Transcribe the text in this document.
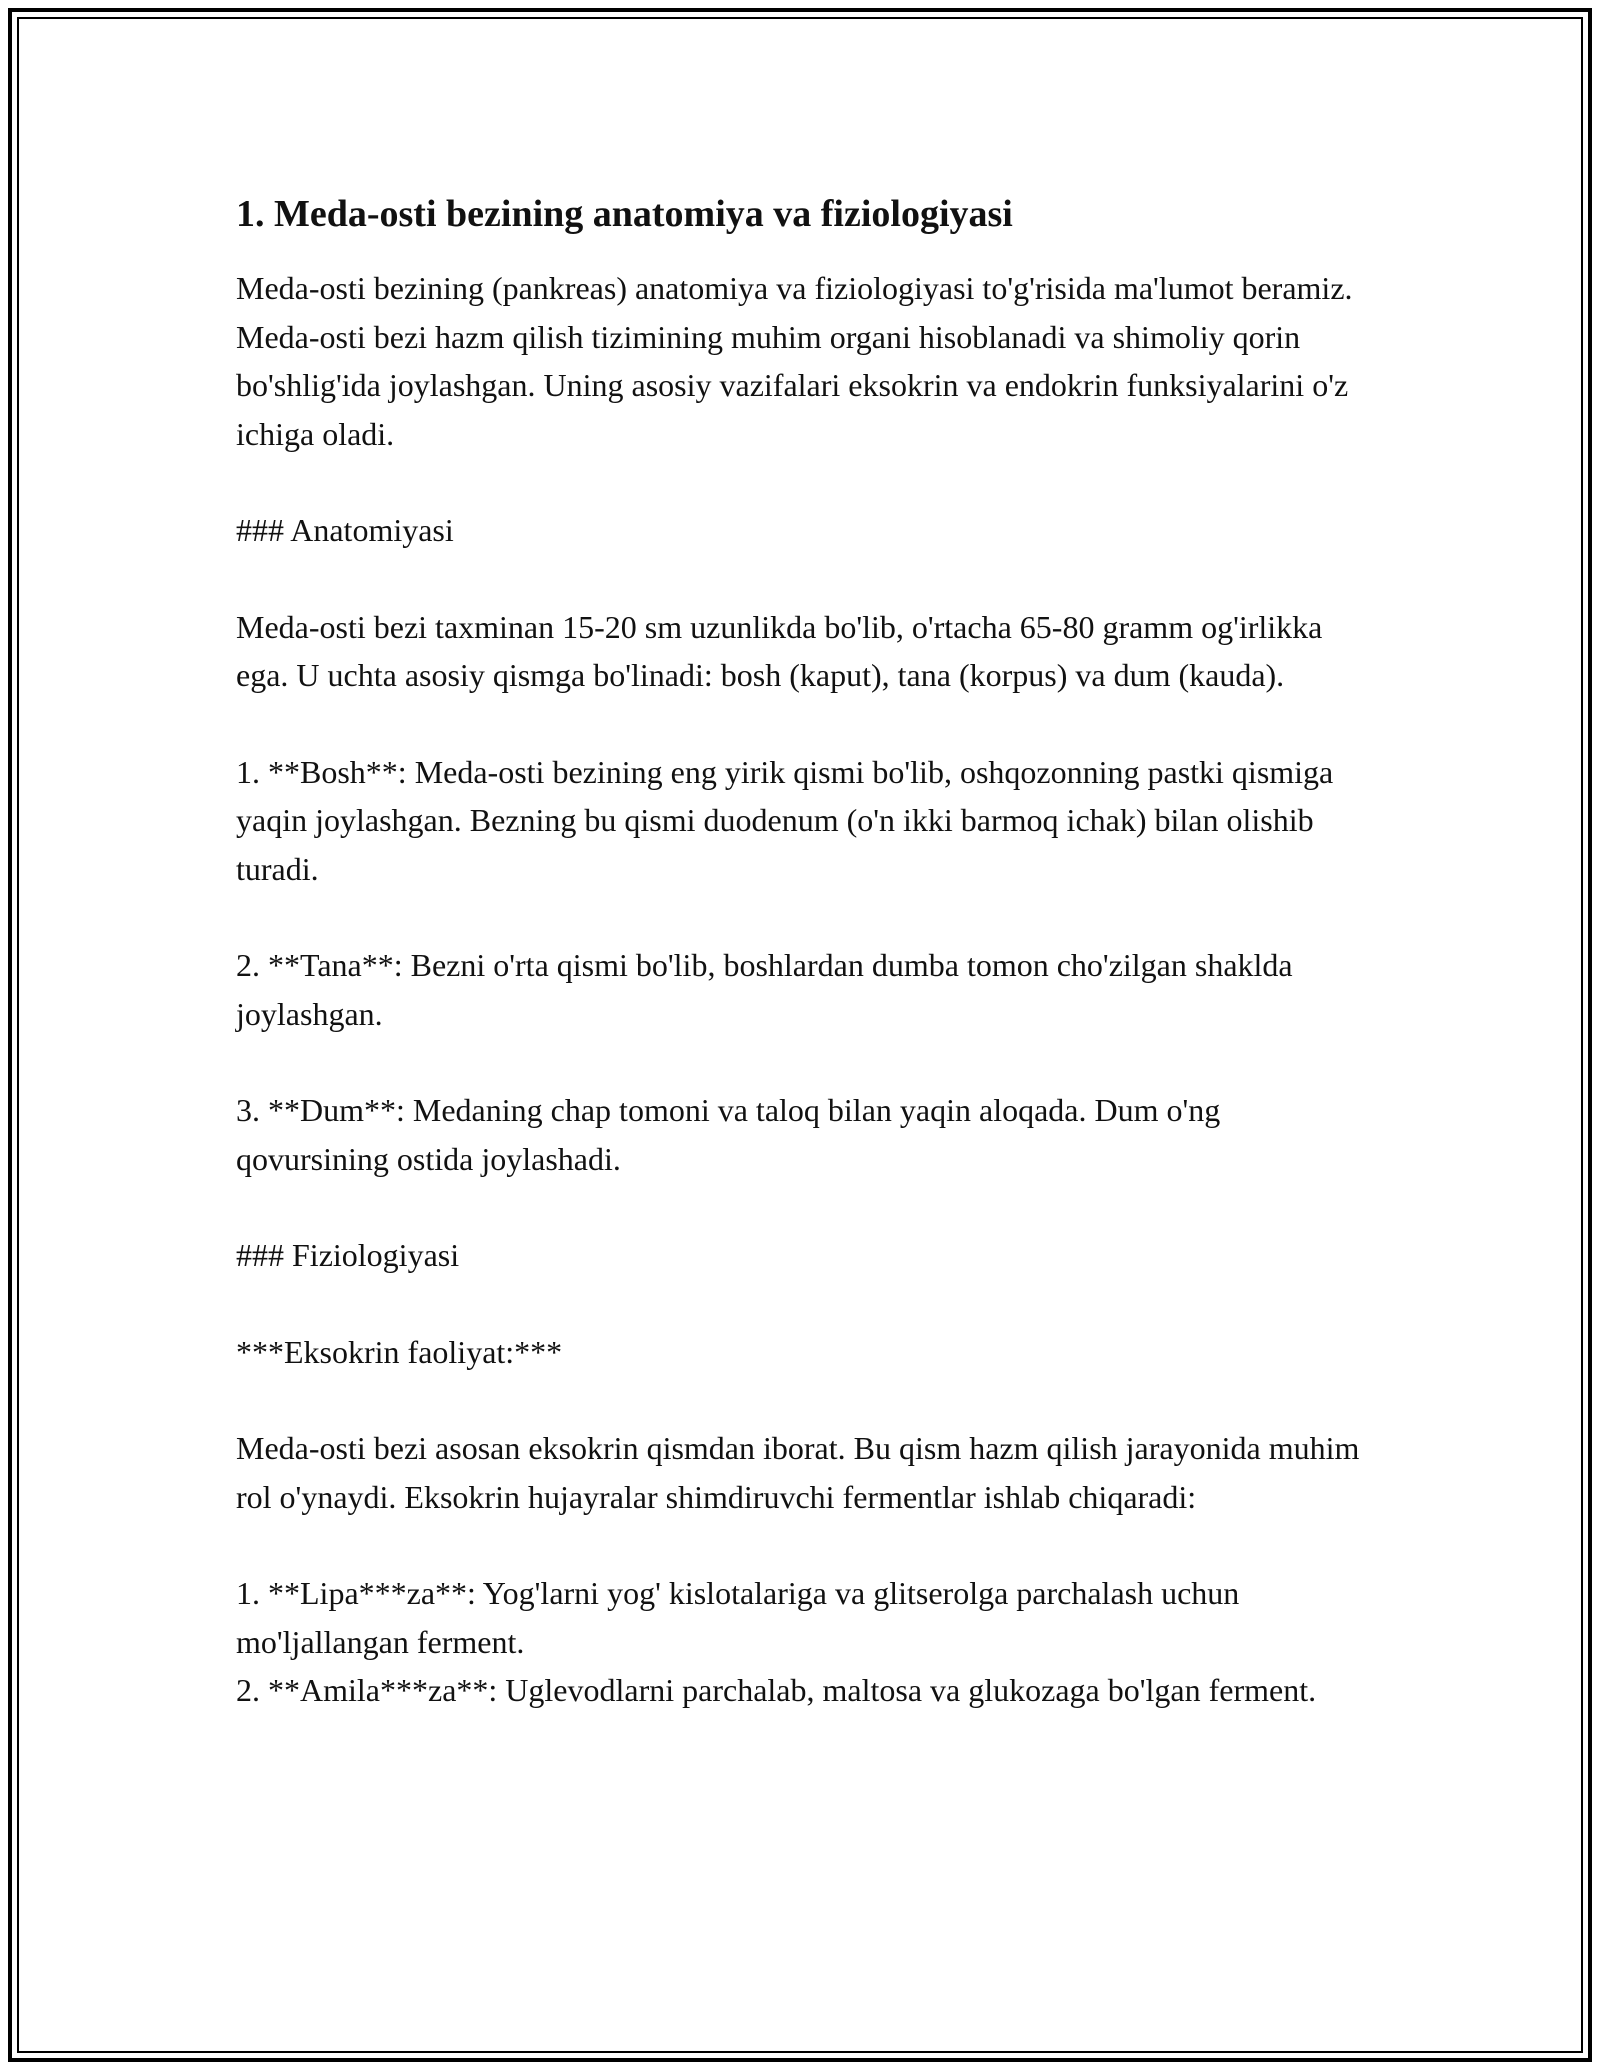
1. Meda-osti bezining anatomiya va fiziologiyasi

Meda-osti bezining (pankreas) anatomiya va fiziologiyasi to'g'risida ma'lumot beramiz. Meda-osti bezi hazm qilish tizimining muhim organi hisoblanadi va shimoliy qorin bo'shlig'ida joylashgan. Uning asosiy vazifalari eksokrin va endokrin funksiyalarini o'z ichiga oladi.

### Anatomiyasi

Meda-osti bezi taxminan 15-20 sm uzunlikda bo'lib, o'rtacha 65-80 gramm og'irlikka ega. U uchta asosiy qismga bo'linadi: bosh (kaput), tana (korpus) va dum (kauda).

1. **Bosh**: Meda-osti bezining eng yirik qismi bo'lib, oshqozonning pastki qismiga yaqin joylashgan. Bezning bu qismi duodenum (o'n ikki barmoq ichak) bilan olishib turadi.

2. **Tana**: Bezni o'rta qismi bo'lib, boshlardan dumba tomon cho'zilgan shaklda joylashgan.

3. **Dum**: Medaning chap tomoni va taloq bilan yaqin aloqada. Dum o'ng qovursining ostida joylashadi.

### Fiziologiyasi

***Eksokrin faoliyat:***

Meda-osti bezi asosan eksokrin qismdan iborat. Bu qism hazm qilish jarayonida muhim rol o'ynaydi. Eksokrin hujayralar shimdiruvchi fermentlar ishlab chiqaradi:

1. **Lipa***za**: Yog'larni yog' kislotalariga va glitserolga parchalash uchun mo'ljallangan ferment.

2. **Amila***za**: Uglevodlarni parchalab, maltosa va glukozaga bo'lgan ferment.
